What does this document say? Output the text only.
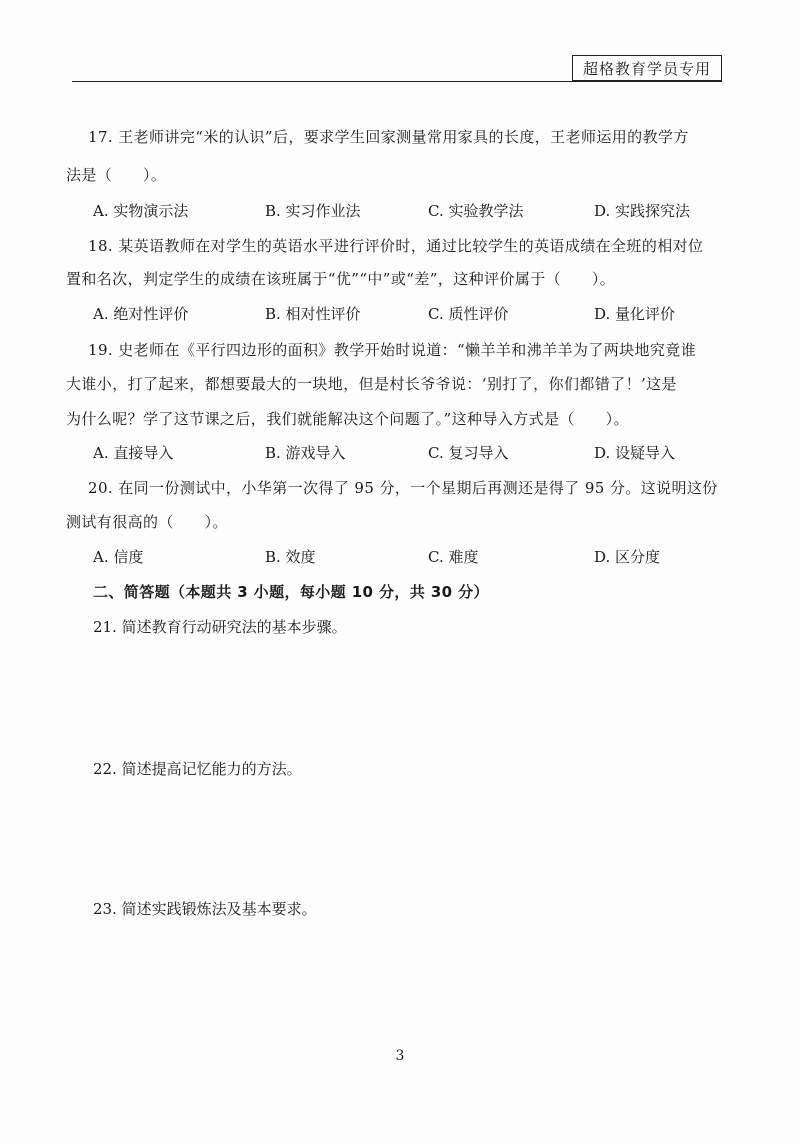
超格教育学员专用
17. 王老师讲完“米的认识”后，要求学生回家测量常用家具的长度，王老师运用的教学方
法是（　　）。
A. 实物演示法	B. 实习作业法	C. 实验教学法	D. 实践探究法
18. 某英语教师在对学生的英语水平进行评价时，通过比较学生的英语成绩在全班的相对位
置和名次，判定学生的成绩在该班属于“优”“中”或“差”，这种评价属于（　　）。
A. 绝对性评价	B. 相对性评价	C. 质性评价	D. 量化评价
19. 史老师在《平行四边形的面积》教学开始时说道：“懒羊羊和沸羊羊为了两块地究竟谁
大谁小，打了起来，都想要最大的一块地，但是村长爷爷说：‘别打了，你们都错了！’这是
为什么呢？学了这节课之后，我们就能解决这个问题了。”这种导入方式是（　　）。
A. 直接导入	B. 游戏导入	C. 复习导入	D. 设疑导入
20. 在同一份测试中，小华第一次得了 95 分，一个星期后再测还是得了 95 分。这说明这份
测试有很高的（　　）。
A. 信度	B. 效度	C. 难度	D. 区分度
二、简答题（本题共 3 小题，每小题 10 分，共 30 分）
21. 简述教育行动研究法的基本步骤。
22. 简述提高记忆能力的方法。
23. 简述实践锻炼法及基本要求。
3
